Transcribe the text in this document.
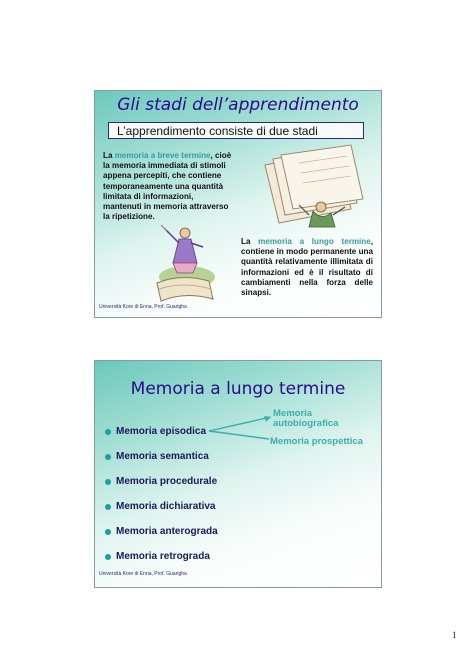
Gli stadi dell’apprendimento
L’apprendimento consiste di due stadi
La memoria a breve termine, cioè la memoria immediata di stimoli appena percepiti, che contiene temporaneamente una quantità limitata di informazioni, mantenuti in memoria attraverso la ripetizione.
La memoria a lungo termine, contiene in modo permanente una quantità relativamente illimitata di informazioni ed è il risultato di cambiamenti nella forza delle sinapsi.
Università Kore di Enna, Prof. Guarigha
Memoria a lungo termine
Memoria episodica
Memoria semantica
Memoria procedurale
Memoria dichiarativa
Memoria anterograda
Memoria retrograda
Memoria autobiografica
Memoria prospettica
Università Kore di Enna, Prof. Guarigha
1
